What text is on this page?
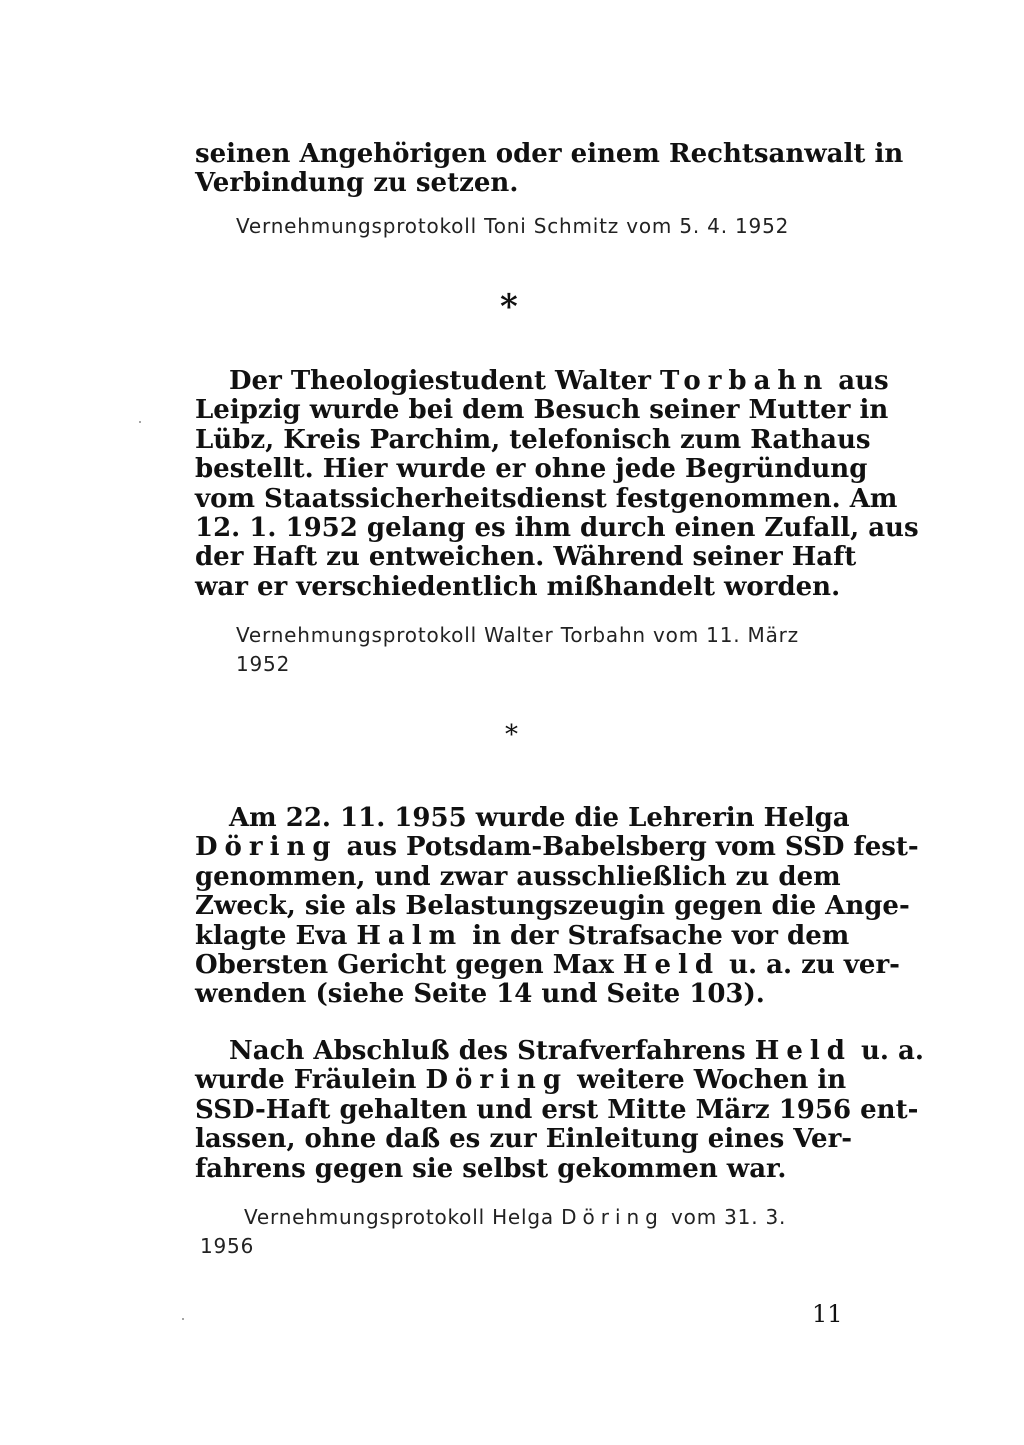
seinen Angehörigen oder einem Rechtsanwalt in
Verbindung zu setzen.
Vernehmungsprotokoll Toni Schmitz vom 5. 4. 1952
*
Der Theologiestudent Walter Torbahn aus
Leipzig wurde bei dem Besuch seiner Mutter in
Lübz, Kreis Parchim, telefonisch zum Rathaus
bestellt. Hier wurde er ohne jede Begründung
vom Staatssicherheitsdienst festgenommen. Am
12. 1. 1952 gelang es ihm durch einen Zufall, aus
der Haft zu entweichen. Während seiner Haft
war er verschiedentlich mißhandelt worden.
Vernehmungsprotokoll Walter Torbahn vom 11. März
1952
*
Am 22. 11. 1955 wurde die Lehrerin Helga
Döring aus Potsdam-Babelsberg vom SSD fest-
genommen, und zwar ausschließlich zu dem
Zweck, sie als Belastungszeugin gegen die Ange-
klagte Eva Halm in der Strafsache vor dem
Obersten Gericht gegen Max Held u. a. zu ver-
wenden (siehe Seite 14 und Seite 103).
Nach Abschluß des Strafverfahrens Held u. a.
wurde Fräulein Döring weitere Wochen in
SSD-Haft gehalten und erst Mitte März 1956 ent-
lassen, ohne daß es zur Einleitung eines Ver-
fahrens gegen sie selbst gekommen war.
Vernehmungsprotokoll Helga Döring vom 31. 3.
1956
11
